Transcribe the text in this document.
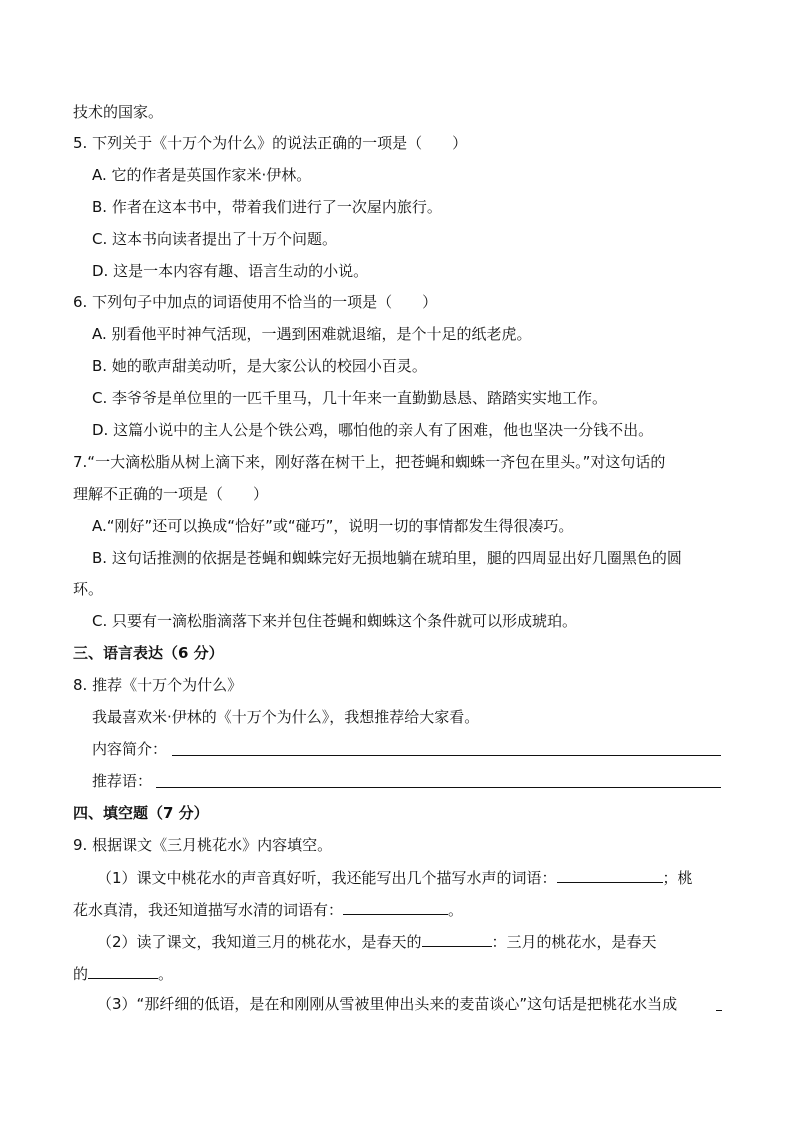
技术的国家。
5. 下列关于《十万个为什么》的说法正确的一项是（　　）
A. 它的作者是英国作家米·伊林。
B. 作者在这本书中，带着我们进行了一次屋内旅行。
C. 这本书向读者提出了十万个问题。
D. 这是一本内容有趣、语言生动的小说。
6. 下列句子中加点的词语使用不恰当的一项是（　　）
A. 别看他平时神气活现，一遇到困难就退缩，是个十足的纸老虎。
B. 她的歌声甜美动听，是大家公认的校园小百灵。
C. 李爷爷是单位里的一匹千里马，几十年来一直勤勤恳恳、踏踏实实地工作。
D. 这篇小说中的主人公是个铁公鸡，哪怕他的亲人有了困难，他也坚决一分钱不出。
7.“一大滴松脂从树上滴下来，刚好落在树干上，把苍蝇和蜘蛛一齐包在里头。”对这句话的
理解不正确的一项是（　　）
A.“刚好”还可以换成“恰好”或“碰巧”，说明一切的事情都发生得很凑巧。
B. 这句话推测的依据是苍蝇和蜘蛛完好无损地躺在琥珀里，腿的四周显出好几圈黑色的圆
环。
C. 只要有一滴松脂滴落下来并包住苍蝇和蜘蛛这个条件就可以形成琥珀。
三、语言表达（6 分）
8. 推荐《十万个为什么》
我最喜欢米·伊林的《十万个为什么》，我想推荐给大家看。
内容简介：
推荐语：
四、填空题（7 分）
9. 根据课文《三月桃花水》内容填空。
（1）课文中桃花水的声音真好听，我还能写出几个描写水声的词语：	；桃
花水真清，我还知道描写水清的词语有：	。
（2）读了课文，我知道三月的桃花水，是春天的	：三月的桃花水，是春天
的	。
（3）“那纤细的低语，是在和刚刚从雪被里伸出头来的麦苗谈心”这句话是把桃花水当成
